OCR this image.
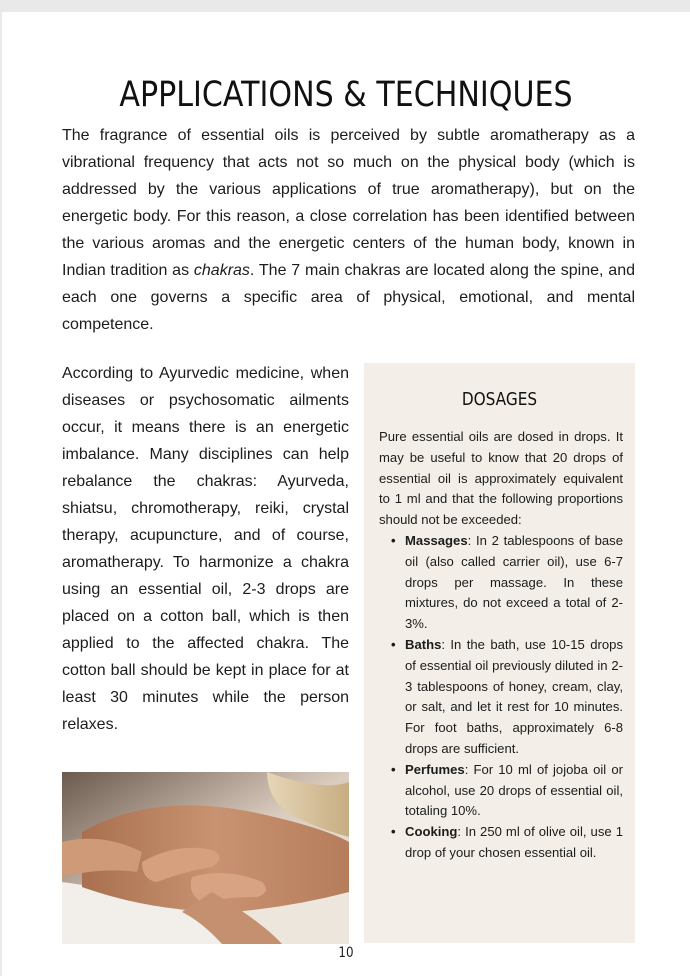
APPLICATIONS & TECHNIQUES

The fragrance of essential oils is perceived by subtle aromatherapy as a vibrational frequency that acts not so much on the physical body (which is addressed by the various applications of true aromatherapy), but on the energetic body. For this reason, a close correlation has been identified between the various aromas and the energetic centers of the human body, known in Indian tradition as chakras. The 7 main chakras are located along the spine, and each one governs a specific area of physical, emotional, and mental competence.

According to Ayurvedic medicine, when diseases or psychosomatic ailments occur, it means there is an energetic imbalance. Many disciplines can help rebalance the chakras: Ayurveda, shiatsu, chromotherapy, reiki, crystal therapy, acupuncture, and of course, aromatherapy. To harmonize a chakra using an essential oil, 2-3 drops are placed on a cotton ball, which is then applied to the affected chakra. The cotton ball should be kept in place for at least 30 minutes while the person relaxes.

DOSAGES
Pure essential oils are dosed in drops. It may be useful to know that 20 drops of essential oil is approximately equivalent to 1 ml and that the following proportions should not be exceeded:
• Massages: In 2 tablespoons of base oil (also called carrier oil), use 6-7 drops per massage. In these mixtures, do not exceed a total of 2-3%.
• Baths: In the bath, use 10-15 drops of essential oil previously diluted in 2-3 tablespoons of honey, cream, clay, or salt, and let it rest for 10 minutes. For foot baths, approximately 6-8 drops are sufficient.
• Perfumes: For 10 ml of jojoba oil or alcohol, use 20 drops of essential oil, totaling 10%.
• Cooking: In 250 ml of olive oil, use 1 drop of your chosen essential oil.
10
